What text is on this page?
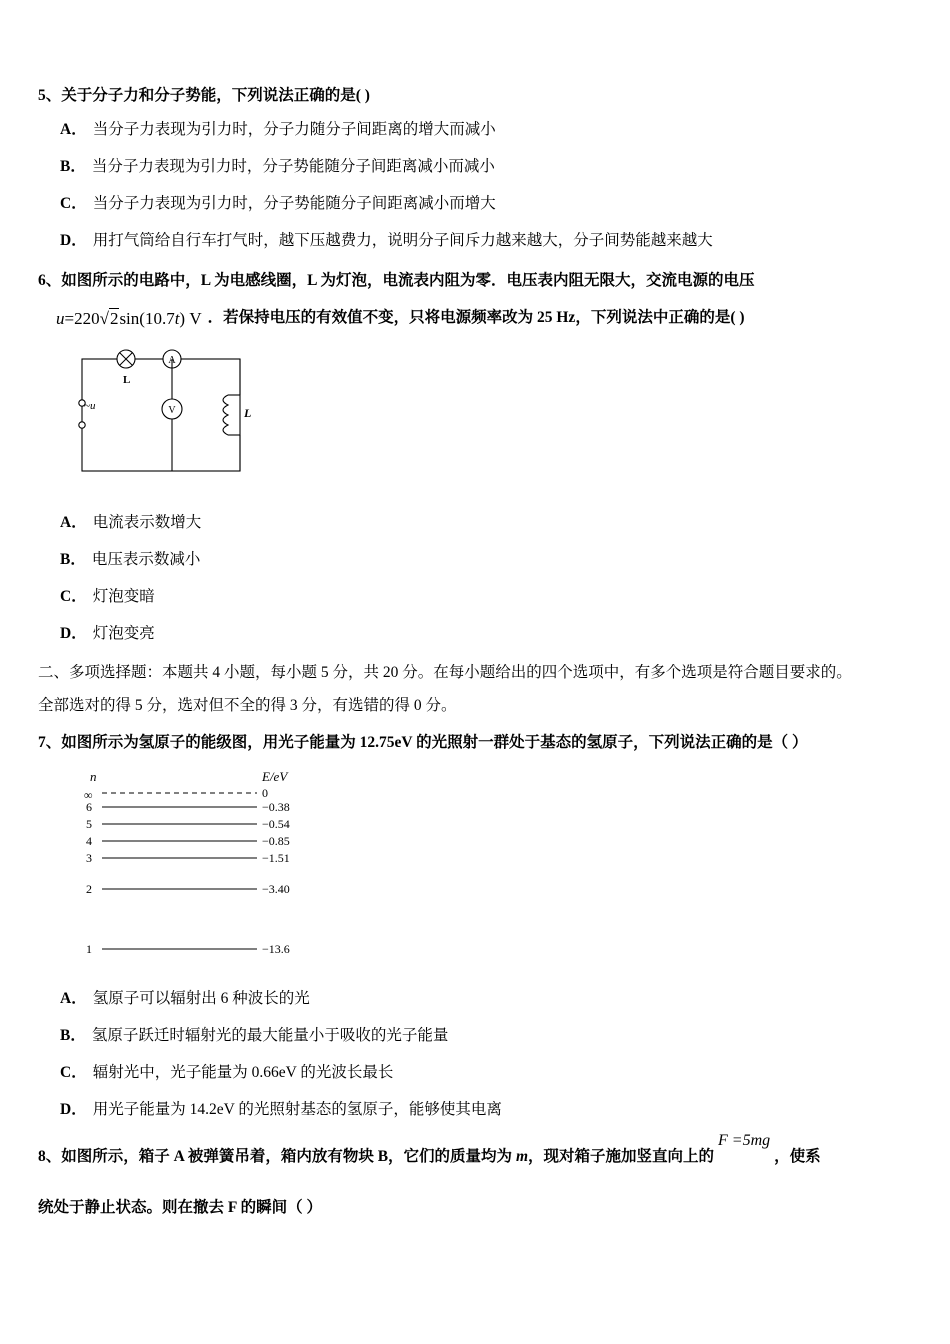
5、关于分子力和分子势能，下列说法正确的是( )
A． 当分子力表现为引力时，分子力随分子间距离的增大而减小
B． 当分子力表现为引力时，分子势能随分子间距离减小而减小
C． 当分子力表现为引力时，分子势能随分子间距离减小而增大
D． 用打气筒给自行车打气时，越下压越费力，说明分子间斥力越来越大，分子间势能越来越大
6、如图所示的电路中，L 为电感线圈，L 为灯泡，电流表内阻为零．电压表内阻无限大，交流电源的电压
u=220√2sin(10.7t) V ．若保持电压的有效值不变，只将电源频率改为 25 Hz，下列说法中正确的是( )
A
V
L
~u	L
A． 电流表示数增大
B． 电压表示数减小
C． 灯泡变暗
D． 灯泡变亮
二、多项选择题：本题共 4 小题，每小题 5 分，共 20 分。在每小题给出的四个选项中，有多个选项是符合题目要求的。
全部选对的得 5 分，选对但不全的得 3 分，有选错的得 0 分。
7、如图所示为氢原子的能级图，用光子能量为 12.75eV 的光照射一群处于基态的氢原子，下列说法正确的是（ ）
n	E/eV
0
∞
6	−0.38
5	−0.54
4	−0.85
3	−1.51
2	−3.40
1	−13.6
A． 氢原子可以辐射出 6 种波长的光
B． 氢原子跃迁时辐射光的最大能量小于吸收的光子能量
C． 辐射光中，光子能量为 0.66eV 的光波长最长
D． 用光子能量为 14.2eV 的光照射基态的氢原子，能够使其电离
8、如图所示，箱子 A 被弹簧吊着，箱内放有物块 B，它们的质量均为 m，现对箱子施加竖直向上的F =5mg，使系
统处于静止状态。则在撤去 F 的瞬间（ ）
